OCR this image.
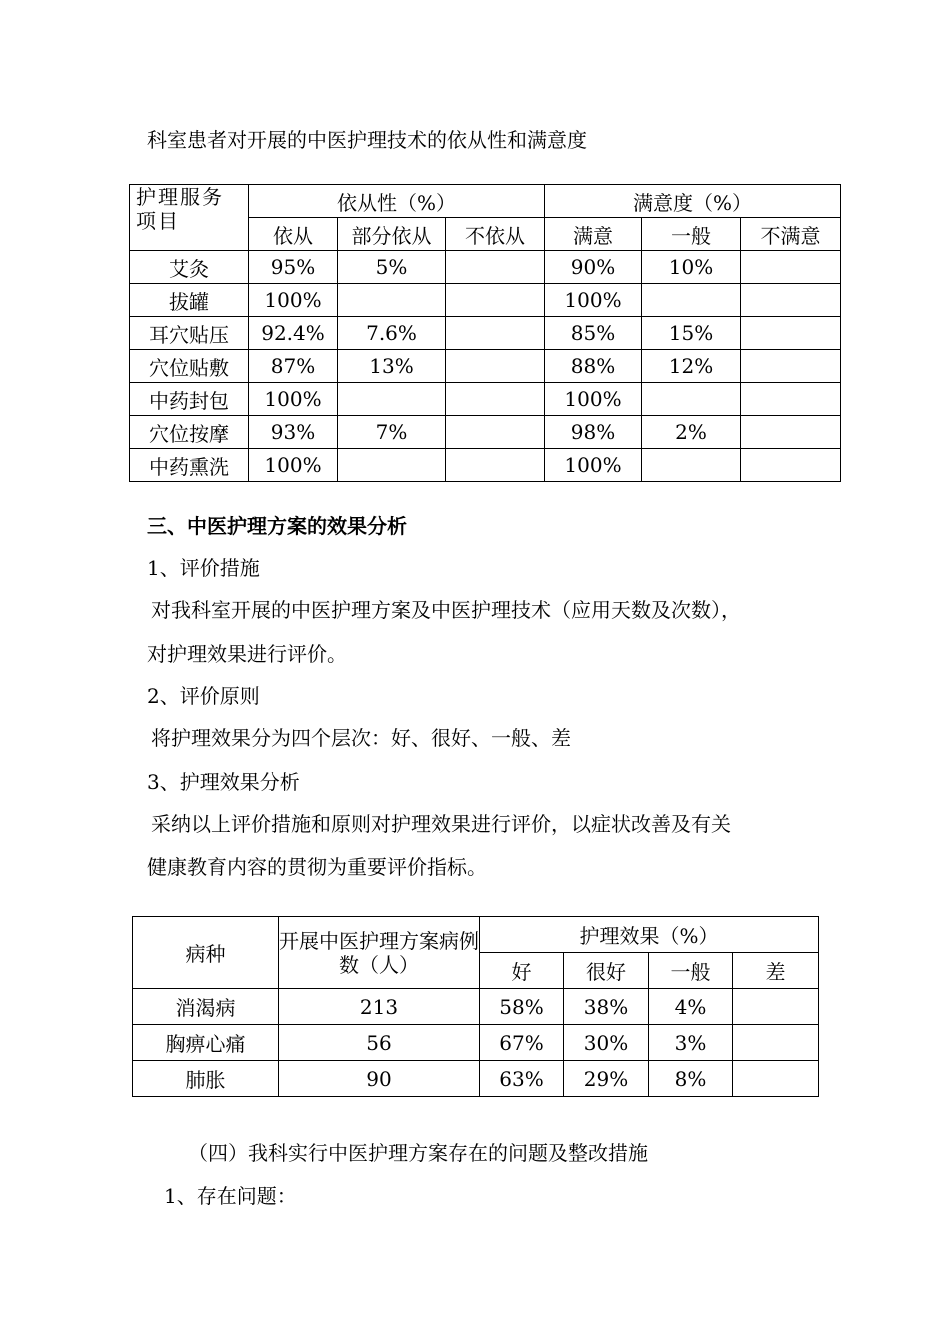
科室患者对开展的中医护理技术的依从性和满意度
护理服务项目	依从性（%）			满意度（%）		
	依从	部分依从	不依从	满意	一般	不满意
艾灸	95%	5%		90%	10%	
拔罐	100%			100%		
耳穴贴压	92.4%	7.6%		85%	15%	
穴位贴敷	87%	13%		88%	12%	
中药封包	100%			100%		
穴位按摩	93%	7%		98%	2%	
中药熏洗	100%			100%		
三、中医护理方案的效果分析
1、评价措施
对我科室开展的中医护理方案及中医护理技术（应用天数及次数），
对护理效果进行评价。
2、评价原则
将护理效果分为四个层次：好、很好、一般、差
3、护理效果分析
采纳以上评价措施和原则对护理效果进行评价，以症状改善及有关
健康教育内容的贯彻为重要评价指标。
病种	开展中医护理方案病例数（人）	护理效果（%）			
		好	很好	一般	差
消渴病	213	58%	38%	4%	
胸痹心痛	56	67%	30%	3%	
肺胀	90	63%	29%	8%	
（四）我科实行中医护理方案存在的问题及整改措施
1、存在问题：
